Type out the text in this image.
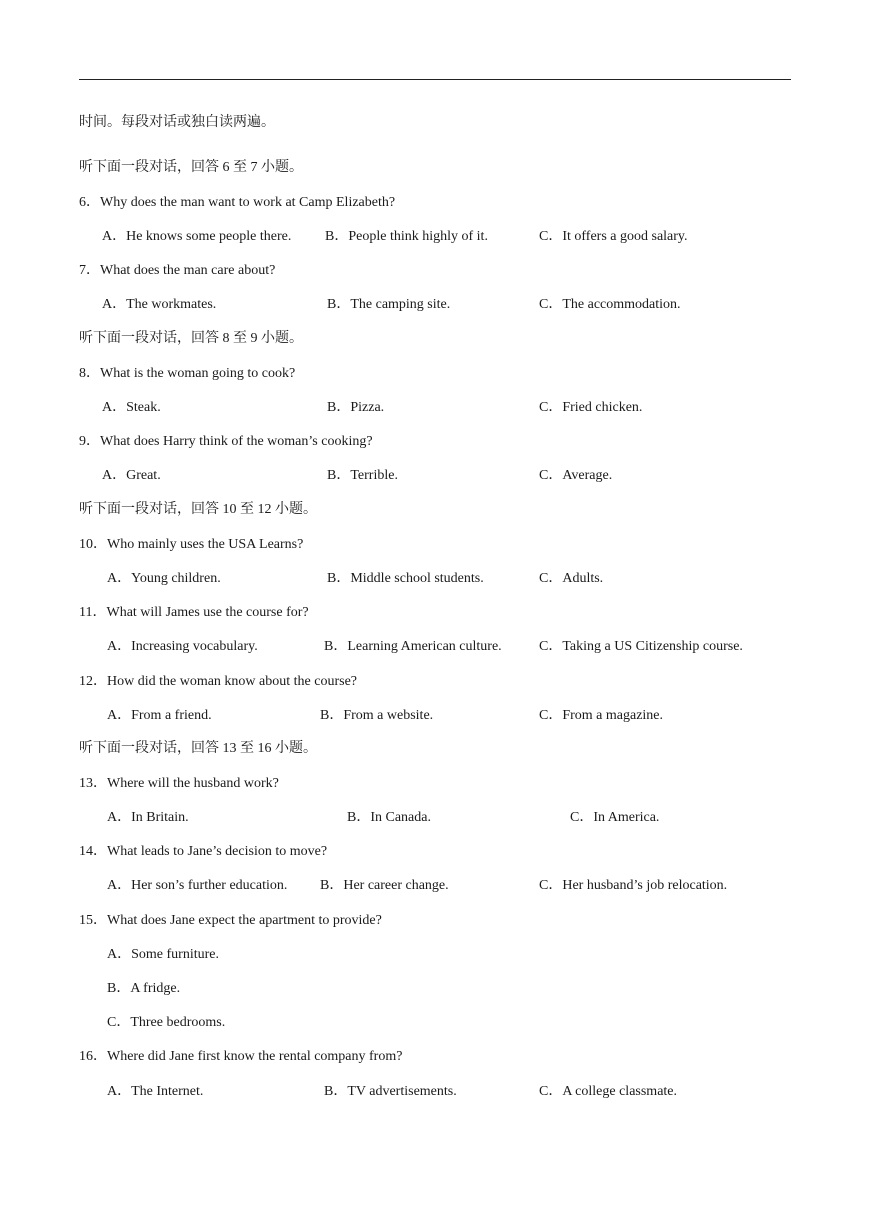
时间。每段对话或独白读两遍。
听下面一段对话，回答 6 至 7 小题。
6．Why does the man want to work at Camp Elizabeth?
A．He knows some people there. B．People think highly of it.	C．It offers a good salary.
7．What does the man care about?
A．The workmates.	B．The camping site.	C．The accommodation.
听下面一段对话，回答 8 至 9 小题。
8．What is the woman going to cook?
A．Steak.	B．Pizza.	C．Fried chicken.
9．What does Harry think of the woman’s cooking?
A．Great.	B．Terrible.	C．Average.
听下面一段对话，回答 10 至 12 小题。
10．Who mainly uses the USA Learns?
A．Young children.	B．Middle school students.	C．Adults.
11．What will James use the course for?
A．Increasing vocabulary.	B．Learning American culture.	C．Taking a US Citizenship course.
12．How did the woman know about the course?
A．From a friend.	B．From a website.	C．From a magazine.
听下面一段对话，回答 13 至 16 小题。
13．Where will the husband work?
A．In Britain.	B．In Canada.	C．In America.
14．What leads to Jane’s decision to move?
A．Her son’s further education. B．Her career change.	C．Her husband’s job relocation.
15．What does Jane expect the apartment to provide?
A．Some furniture.
B．A fridge.
C．Three bedrooms.
16．Where did Jane first know the rental company from?
A．The Internet.	B．TV advertisements.	C．A college classmate.
